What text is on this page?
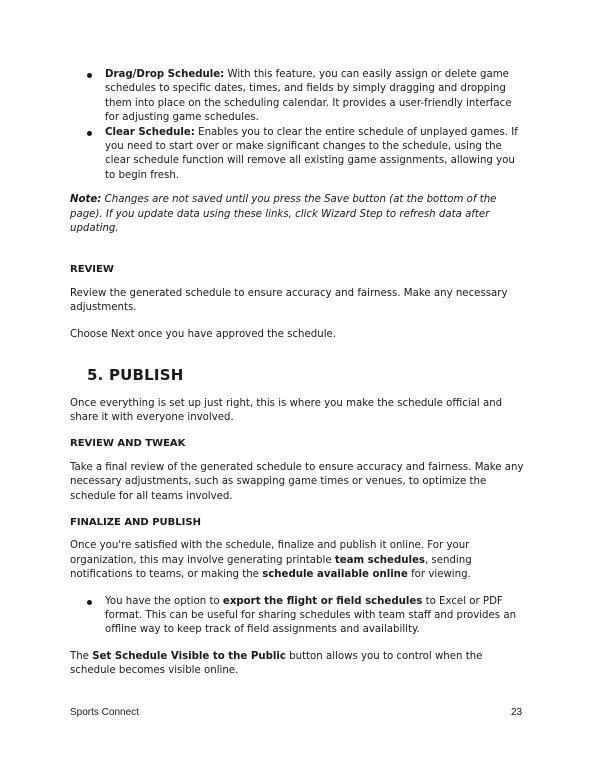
Drag/Drop Schedule: With this feature, you can easily assign or delete game schedules to specific dates, times, and fields by simply dragging and dropping them into place on the scheduling calendar. It provides a user-friendly interface for adjusting game schedules.
Clear Schedule: Enables you to clear the entire schedule of unplayed games. If you need to start over or make significant changes to the schedule, using the clear schedule function will remove all existing game assignments, allowing you to begin fresh.

Note: Changes are not saved until you press the Save button (at the bottom of the page). If you update data using these links, click Wizard Step to refresh data after updating.

REVIEW

Review the generated schedule to ensure accuracy and fairness. Make any necessary adjustments.

Choose Next once you have approved the schedule.

5. PUBLISH

Once everything is set up just right, this is where you make the schedule official and share it with everyone involved.

REVIEW AND TWEAK

Take a final review of the generated schedule to ensure accuracy and fairness. Make any necessary adjustments, such as swapping game times or venues, to optimize the schedule for all teams involved.

FINALIZE AND PUBLISH

Once you're satisfied with the schedule, finalize and publish it online. For your organization, this may involve generating printable team schedules, sending notifications to teams, or making the schedule available online for viewing.

You have the option to export the flight or field schedules to Excel or PDF format. This can be useful for sharing schedules with team staff and provides an offline way to keep track of field assignments and availability.

The Set Schedule Visible to the Public button allows you to control when the schedule becomes visible online.

Sports Connect	23
